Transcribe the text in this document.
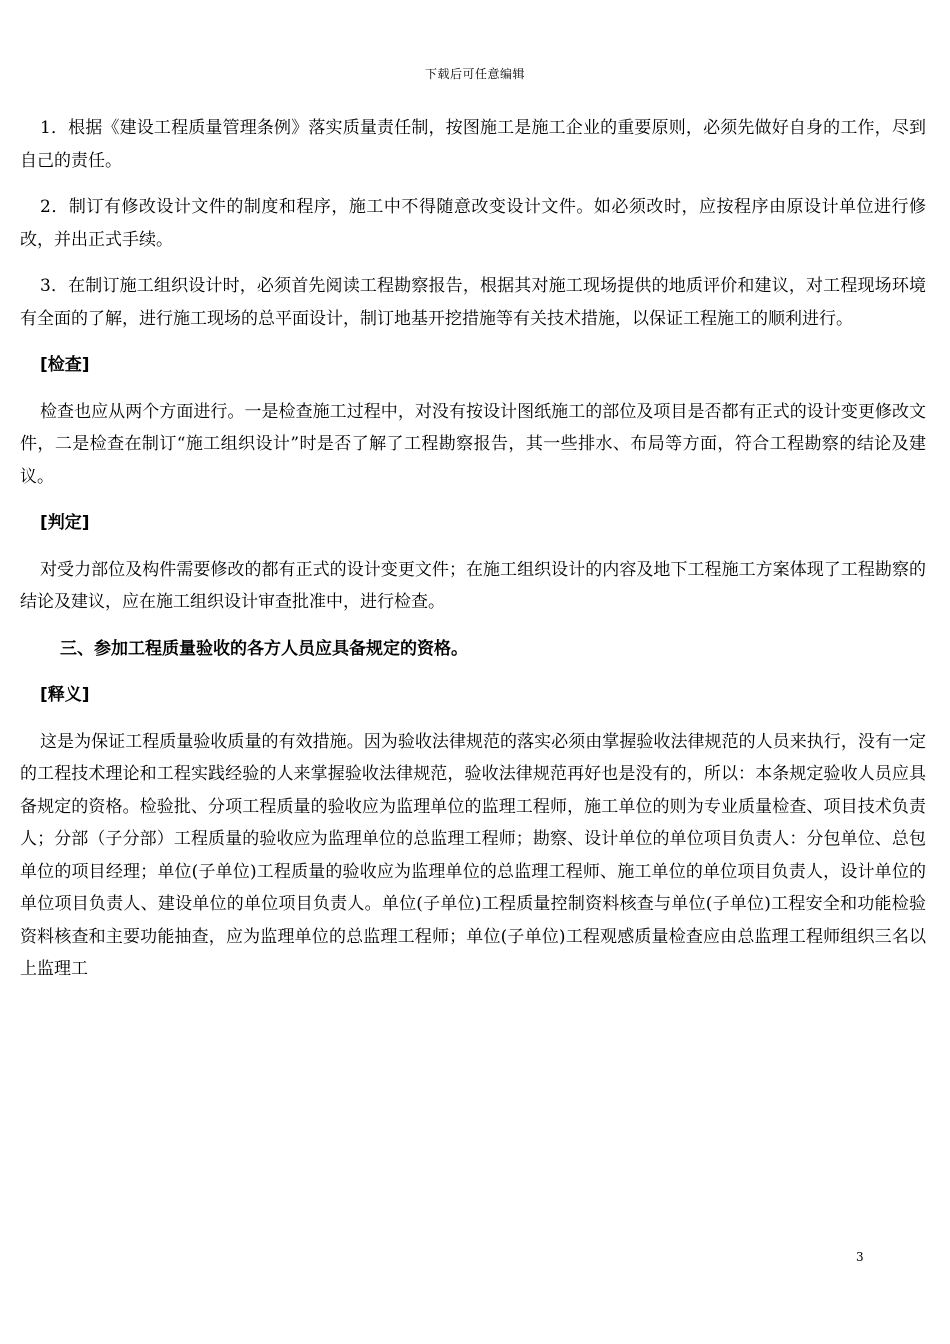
下载后可任意编辑

1．根据《建设工程质量管理条例》落实质量责任制，按图施工是施工企业的重要原则，必须先做好自身的工作，尽到自己的责任。

2．制订有修改设计文件的制度和程序，施工中不得随意改变设计文件。如必须改时，应按程序由原设计单位进行修改，并出正式手续。

3．在制订施工组织设计时，必须首先阅读工程勘察报告，根据其对施工现场提供的地质评价和建议，对工程现场环境有全面的了解，进行施工现场的总平面设计，制订地基开挖措施等有关技术措施，以保证工程施工的顺利进行。

[检查]

检查也应从两个方面进行。一是检查施工过程中，对没有按设计图纸施工的部位及项目是否都有正式的设计变更修改文件，二是检查在制订“施工组织设计”时是否了解了工程勘察报告，其一些排水、布局等方面，符合工程勘察的结论及建议。

[判定]

对受力部位及构件需要修改的都有正式的设计变更文件；在施工组织设计的内容及地下工程施工方案体现了工程勘察的结论及建议，应在施工组织设计审查批准中，进行检查。

三、参加工程质量验收的各方人员应具备规定的资格。
[释义]

这是为保证工程质量验收质量的有效措施。因为验收法律规范的落实必须由掌握验收法律规范的人员来执行，没有一定的工程技术理论和工程实践经验的人来掌握验收法律规范，验收法律规范再好也是没有的，所以：本条规定验收人员应具备规定的资格。检验批、分项工程质量的验收应为监理单位的监理工程师，施工单位的则为专业质量检查、项目技术负责人；分部（子分部）工程质量的验收应为监理单位的总监理工程师；勘察、设计单位的单位项目负责人：分包单位、总包单位的项目经理；单位(子单位)工程质量的验收应为监理单位的总监理工程师、施工单位的单位项目负责人，设计单位的单位项目负责人、建设单位的单位项目负责人。单位(子单位)工程质量控制资料核查与单位(子单位)工程安全和功能检验资料核查和主要功能抽查，应为监理单位的总监理工程师；单位(子单位)工程观感质量检查应由总监理工程师组织三名以上监理工

3
